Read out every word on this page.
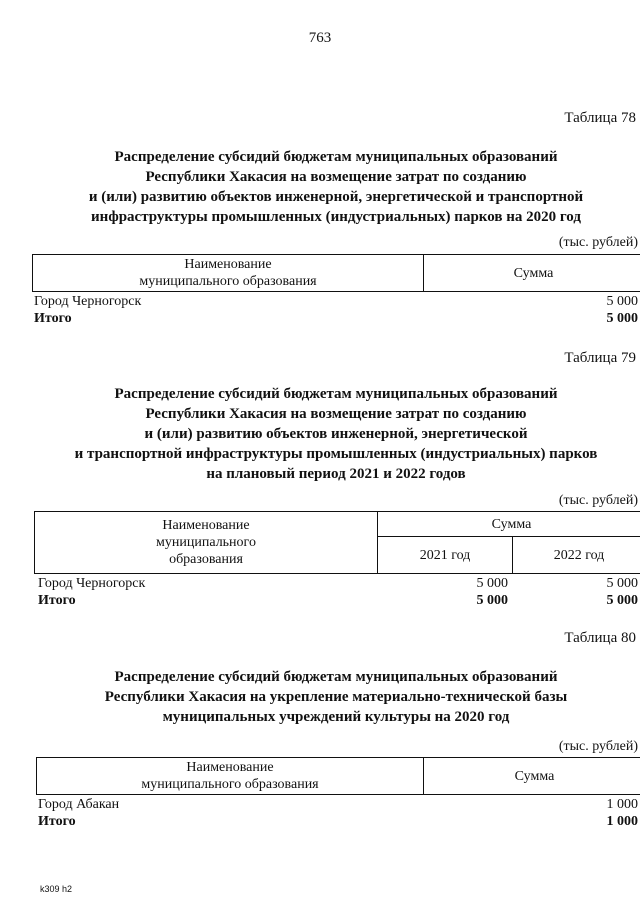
763
Таблица 78
Распределение субсидий бюджетам муниципальных образований
Республики Хакасия на возмещение затрат по созданию
и (или) развитию объектов инженерной, энергетической и транспортной
инфраструктуры промышленных (индустриальных) парков на 2020 год
(тыс. рублей)
Наименование
муниципального образования
	Сумма
Город Черногорск	5 000
Итого	5 000
Таблица 79
Распределение субсидий бюджетам муниципальных образований
Республики Хакасия на возмещение затрат по созданию
и (или) развитию объектов инженерной, энергетической
и транспортной инфраструктуры промышленных (индустриальных) парков
на плановый период 2021 и 2022 годов
(тыс. рублей)
Наименование
муниципального
образования	Сумма	
	2021 год	2022 год
Город Черногорск	5 000	5 000
Итого	5 000	5 000
Таблица 80
Распределение субсидий бюджетам муниципальных образований
Республики Хакасия на укрепление материально-технической базы
муниципальных учреждений культуры на 2020 год
(тыс. рублей)
Наименование
муниципального образования
	Сумма
Город Абакан	1 000
Итого	1 000
k309 h2
